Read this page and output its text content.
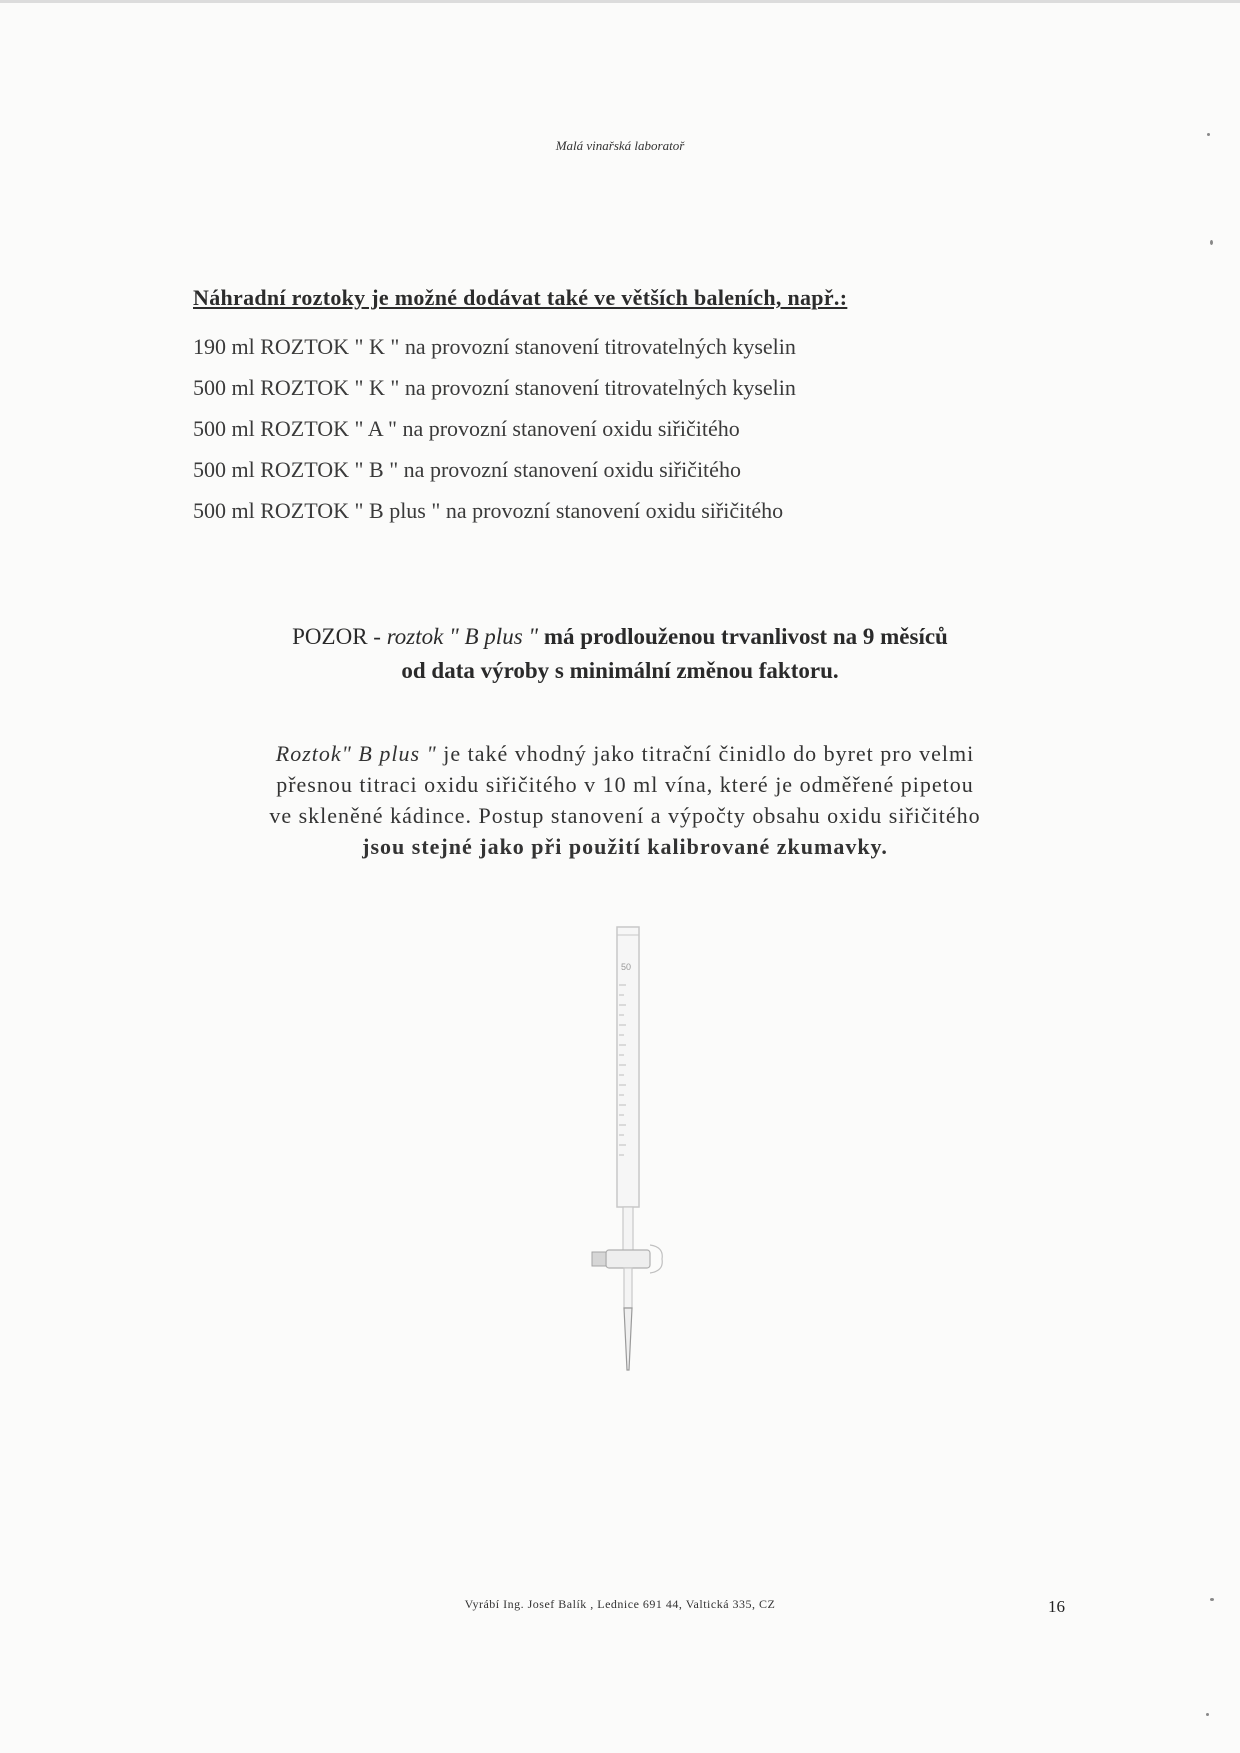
Malá vinařská laboratoř
Náhradní roztoky je možné dodávat také ve větších baleních, např.:
190 ml ROZTOK " K " na provozní stanovení titrovatelných kyselin
500 ml ROZTOK " K " na provozní stanovení titrovatelných kyselin
500 ml ROZTOK " A " na provozní stanovení oxidu siřičitého
500 ml ROZTOK " B " na provozní stanovení oxidu siřičitého
500 ml ROZTOK " B plus " na provozní stanovení oxidu siřičitého
POZOR - roztok " B plus " má prodlouženou trvanlivost na 9 měsíců
od data výroby s minimální změnou faktoru.
Roztok" B plus " je také vhodný jako titrační činidlo do byret pro velmi
přesnou titraci oxidu siřičitého v 10 ml vína, které je odměřené pipetou
ve skleněné kádince. Postup stanovení a výpočty obsahu oxidu siřičitého
jsou stejné jako při použití kalibrované zkumavky.
50
Vyrábí Ing. Josef Balík , Lednice 691 44, Valtická 335, CZ	16
